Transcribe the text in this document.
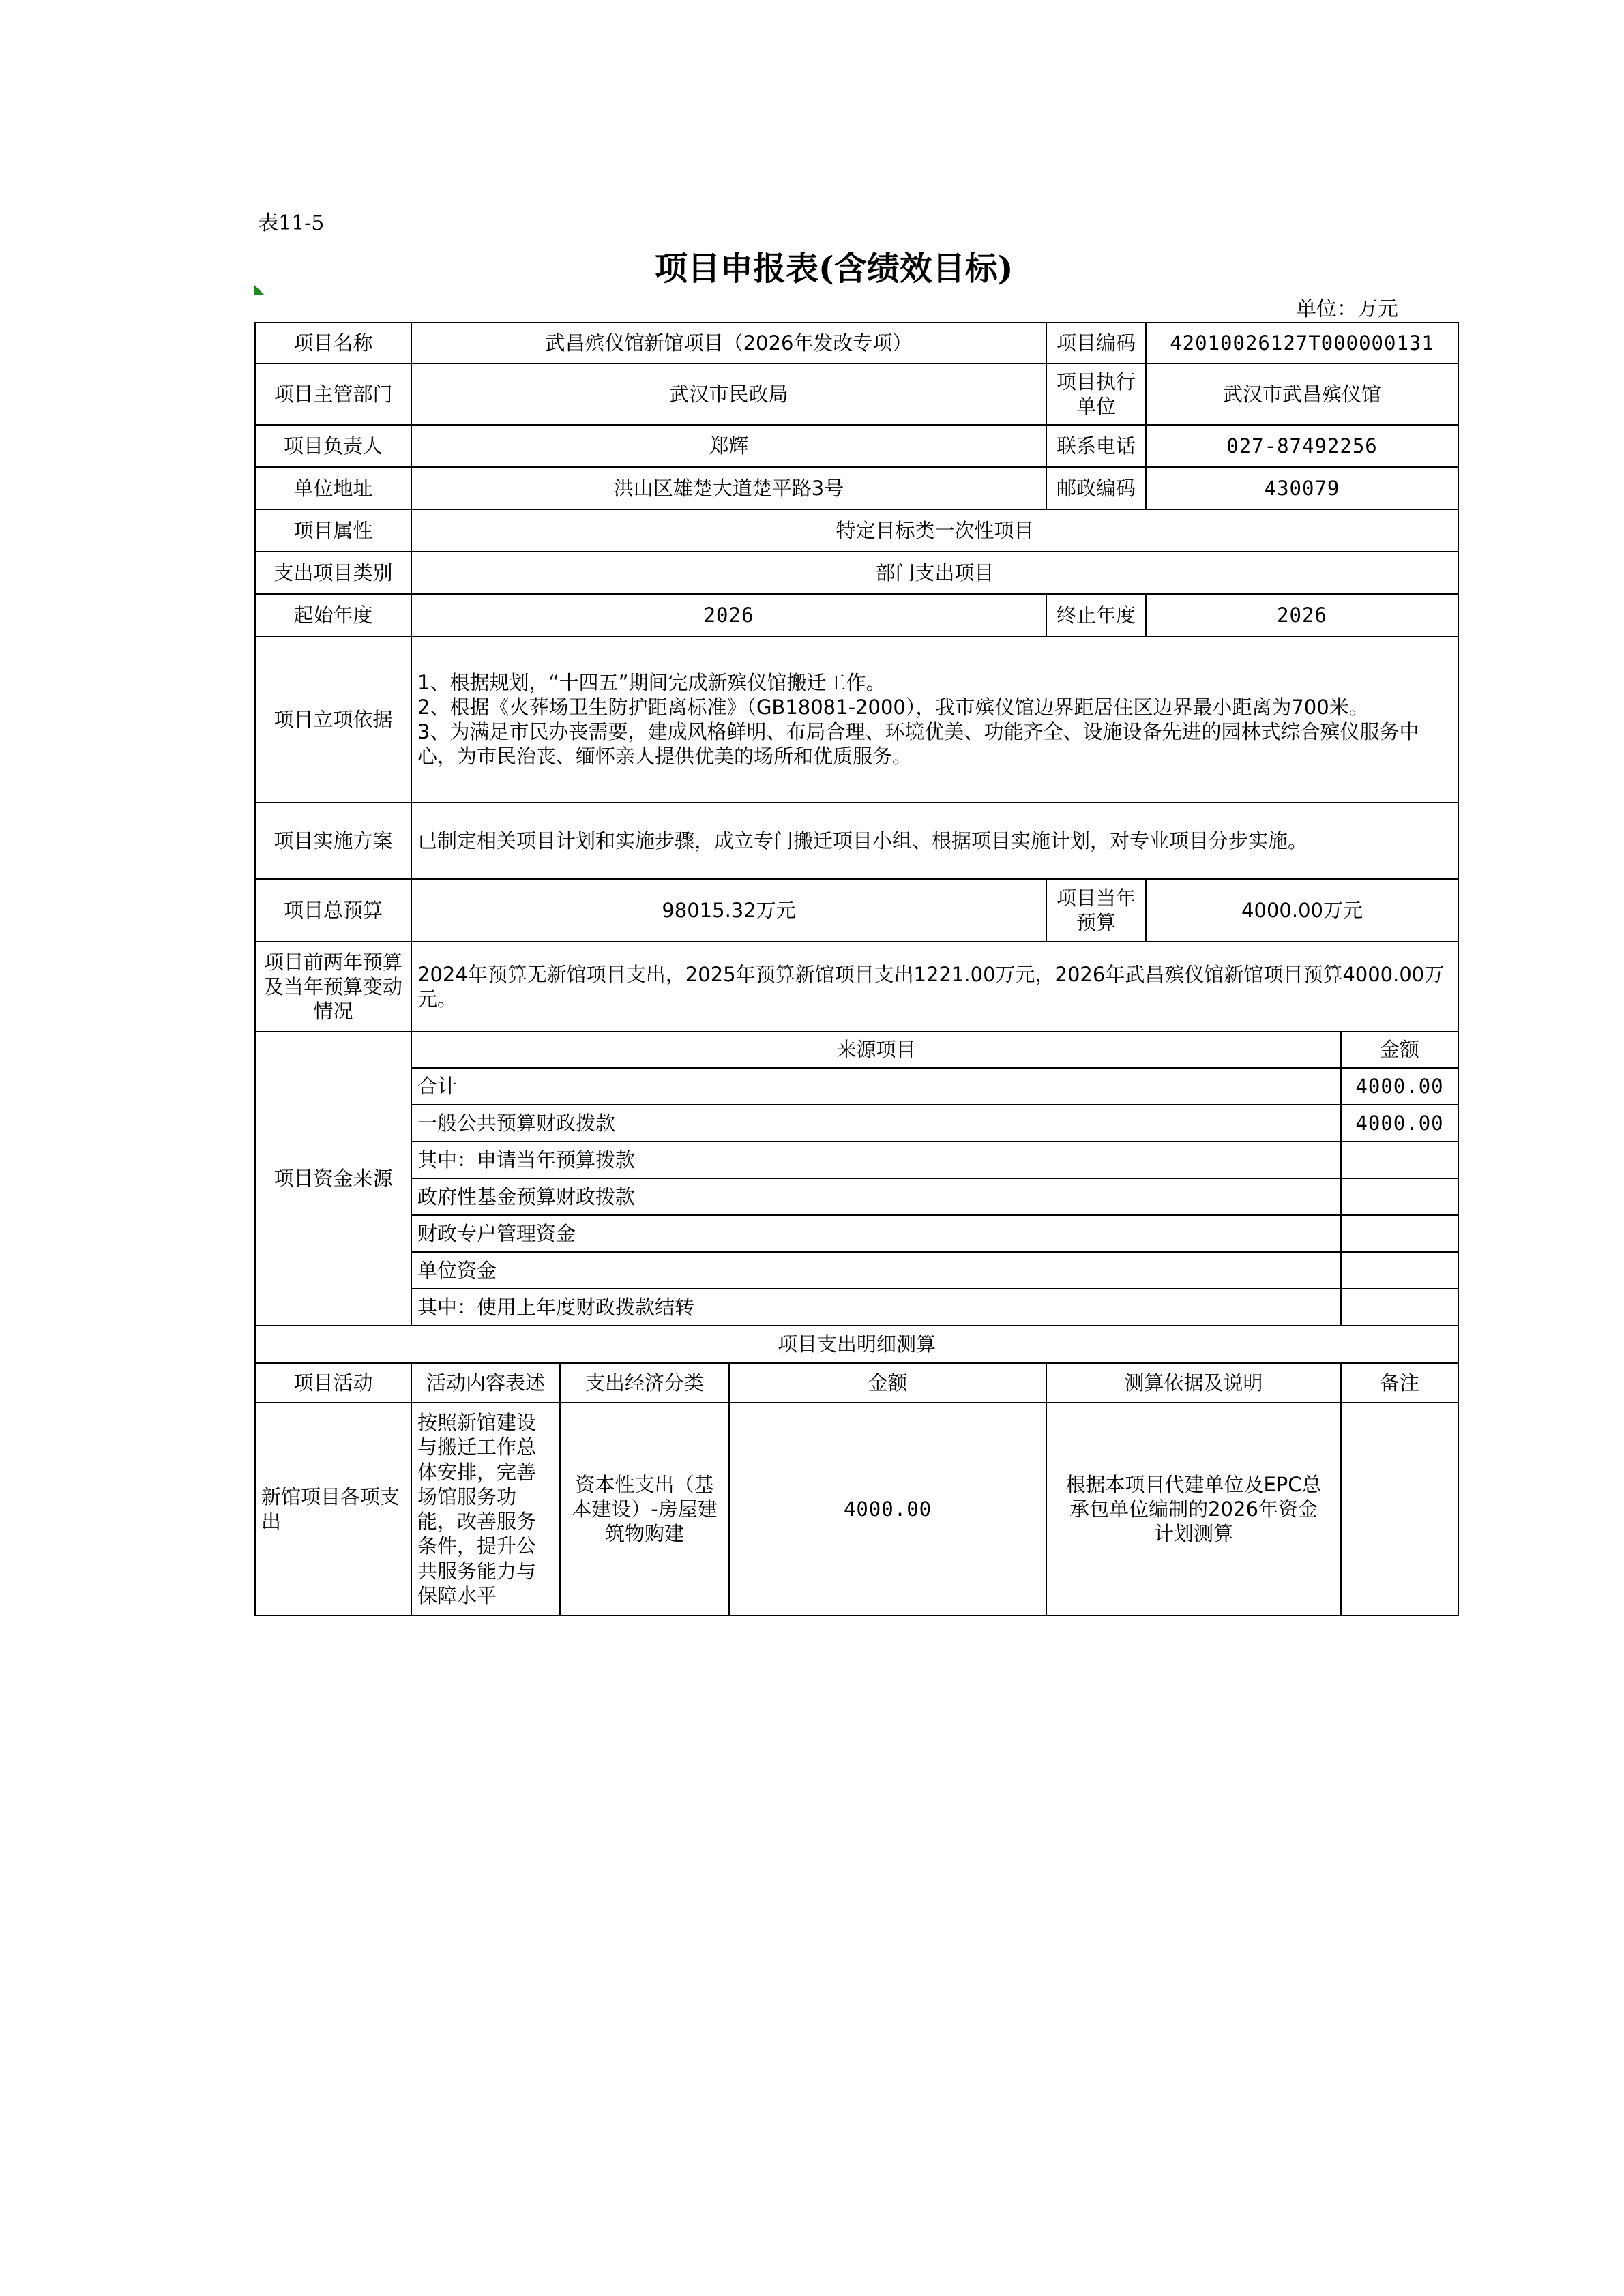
表11-5
项目申报表(含绩效目标)
单位：万元
项目名称	武昌殡仪馆新馆项目（2026年发改专项）			项目编码	42010026127T000000131	
项目主管部门	武汉市民政局			项目执行单位	武汉市武昌殡仪馆	
项目负责人	郑辉			联系电话	027-87492256	
单位地址	洪山区雄楚大道楚平路3号			邮政编码	430079	
项目属性	特定目标类一次性项目					
支出项目类别	部门支出项目					
起始年度	2026			终止年度	2026	
项目立项依据	1、根据规划，“十四五”期间完成新殡仪馆搬迁工作。
2、根据《火葬场卫生防护距离标准》（GB18081-2000），我市殡仪馆边界距居住区边界最小距离为700米。
3、为满足市民办丧需要，建成风格鲜明、布局合理、环境优美、功能齐全、设施设备先进的园林式综合殡仪服务中心，为市民治丧、缅怀亲人提供优美的场所和优质服务。					

项目实施方案	已制定相关项目计划和实施步骤，成立专门搬迁项目小组、根据项目实施计划，对专业项目分步实施。					
项目总预算	98015.32万元			项目当年预算	4000.00万元	
项目前两年预算及当年预算变动情况	2024年预算无新馆项目支出，2025年预算新馆项目支出1221.00万元，2026年武昌殡仪馆新馆项目预算4000.00万元。					
项目资金来源	来源项目					金额
	合计					4000.00
	一般公共预算财政拨款					4000.00
	其中：申请当年预算拨款					
	政府性基金预算财政拨款					
	财政专户管理资金					
	单位资金					
	其中：使用上年度财政拨款结转					
项目支出明细测算						
项目活动	活动内容表述	支出经济分类	金额	测算依据及说明		备注
新馆项目各项支出	按照新馆建设与搬迁工作总体安排，完善场馆服务功能，改善服务条件，提升公共服务能力与保障水平	资本性支出（基本建设）-房屋建筑物购建	4000.00	根据本项目代建单位及EPC总承包单位编制的2026年资金计划测算		
